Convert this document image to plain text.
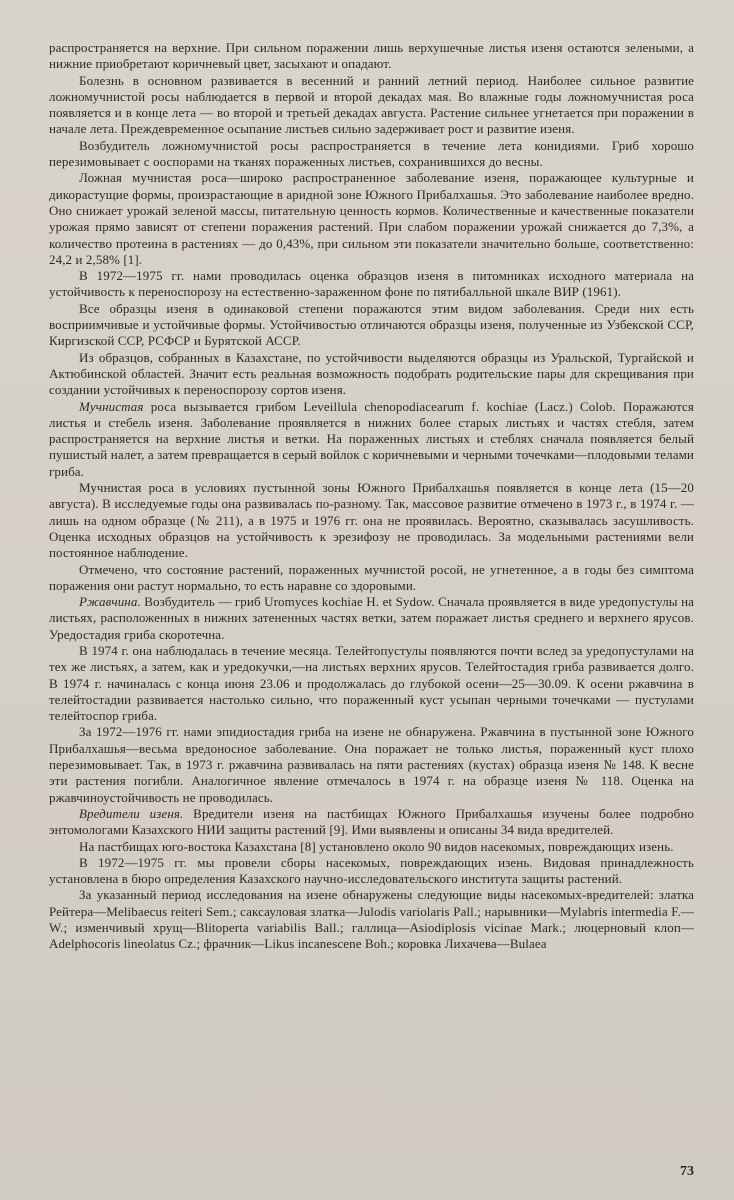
распространяется на верхние. При сильном поражении лишь верхушечные листья изеня остаются зелеными, а нижние приобретают коричневый цвет, засыхают и опадают.

Болезнь в основном развивается в весенний и ранний летний период. Наиболее сильное развитие ложномучнистой росы наблюдается в первой и второй декадах мая. Во влажные годы ложномучнистая роса появляется и в конце лета — во второй и третьей декадах августа. Растение сильнее угнетается при поражении в начале лета. Преждевременное осыпание листьев сильно задерживает рост и развитие изеня.

Возбудитель ложномучнистой росы распространяется в течение лета конидиями. Гриб хорошо перезимовывает с ооспорами на тканях пораженных листьев, сохранившихся до весны.

Ложная мучнистая роса—широко распространенное заболевание изеня, поражающее культурные и дикорастущие формы, произрастающие в аридной зоне Южного Прибалхашья. Это заболевание наиболее вредно. Оно снижает урожай зеленой массы, питательную ценность кормов. Количественные и качественные показатели урожая прямо зависят от степени поражения растений. При слабом поражении урожай снижается до 7,3%, а количество протеина в растениях — до 0,43%, при сильном эти показатели значительно больше, соответственно: 24,2 и 2,58% [1].

В 1972—1975 гг. нами проводилась оценка образцов изеня в питомниках исходного материала на устойчивость к переноспорозу на естественно-зараженном фоне по пятибалльной шкале ВИР (1961).

Все образцы изеня в одинаковой степени поражаются этим видом заболевания. Среди них есть восприимчивые и устойчивые формы. Устойчивостью отличаются образцы изеня, полученные из Узбекской ССР, Киргизской ССР, РСФСР и Бурятской АССР.

Из образцов, собранных в Казахстане, по устойчивости выделяются образцы из Уральской, Тургайской и Актюбинской областей. Значит есть реальная возможность подобрать родительские пары для скрещивания при создании устойчивых к переноспорозу сортов изеня.

Мучнистая роса вызывается грибом Leveillula chenopodiacearum f. kochiae (Lacz.) Colob. Поражаются листья и стебель изеня. Заболевание проявляется в нижних более старых листьях и частях стебля, затем распространяется на верхние листья и ветки. На пораженных листьях и стеблях сначала появляется белый пушистый налет, а затем превращается в серый войлок с коричневыми и черными точечками—плодовыми телами гриба.

Мучнистая роса в условиях пустынной зоны Южного Прибалхашья появляется в конце лета (15—20 августа). В исследуемые годы она развивалась по-разному. Так, массовое развитие отмечено в 1973 г., в 1974 г. — лишь на одном образце (№ 211), а в 1975 и 1976 гг. она не проявилась. Вероятно, сказывалась засушливость. Оценка исходных образцов на устойчивость к эрезифозу не проводилась. За модельными растениями вели постоянное наблюдение.

Отмечено, что состояние растений, пораженных мучнистой росой, не угнетенное, а в годы без симптома поражения они растут нормально, то есть наравне со здоровыми.

Ржавчина. Возбудитель — гриб Uromyces kochiae H. et Sydow. Сначала проявляется в виде уредопустулы на листьях, расположенных в нижних затененных частях ветки, затем поражает листья среднего и верхнего ярусов. Уредостадия гриба скоротечна.

В 1974 г. она наблюдалась в течение месяца. Телейтопустулы появляются почти вслед за уредопустулами на тех же листьях, а затем, как и уредокучки,—на листьях верхних ярусов. Телейтостадия гриба развивается долго. В 1974 г. начиналась с конца июня 23.06 и продолжалась до глубокой осени—25—30.09. К осени ржавчина в телейтостадии развивается настолько сильно, что пораженный куст усыпан черными точечками — пустулами телейтоспор гриба.

За 1972—1976 гг. нами эпидиостадия гриба на изене не обнаружена. Ржавчина в пустынной зоне Южного Прибалхашья—весьма вредоносное заболевание. Она поражает не только листья, пораженный куст плохо перезимовывает. Так, в 1973 г. ржавчина развивалась на пяти растениях (кустах) образца изеня № 148. К весне эти растения погибли. Аналогичное явление отмечалось в 1974 г. на образце изеня № 118. Оценка на ржавчиноустойчивость не проводилась.

Вредители изеня. Вредители изеня на пастбищах Южного Прибалхашья изучены более подробно энтомологами Казахского НИИ защиты растений [9]. Ими выявлены и описаны 34 вида вредителей.

На пастбищах юго-востока Казахстана [8] установлено около 90 видов насекомых, повреждающих изень.

В 1972—1975 гг. мы провели сборы насекомых, повреждающих изень. Видовая принадлежность установлена в бюро определения Казахского научно-исследовательского института защиты растений.

За указанный период исследования на изене обнаружены следующие виды насекомых-вредителей: златка Рейтера—Melibaecus reiteri Sem.; саксауловая златка—Julodis variolaris Pall.; нарывники—Mylabris intermedia F.—W.; изменчивый хрущ—Blitoperta variabilis Ball.; галлица—Asiodiplosis vicinae Mark.; люцерновый клоп—Adelphocoris lineolatus Cz.; фрачник—Likus incanescene Boh.; коровка Лихачева—Bulaea

73
